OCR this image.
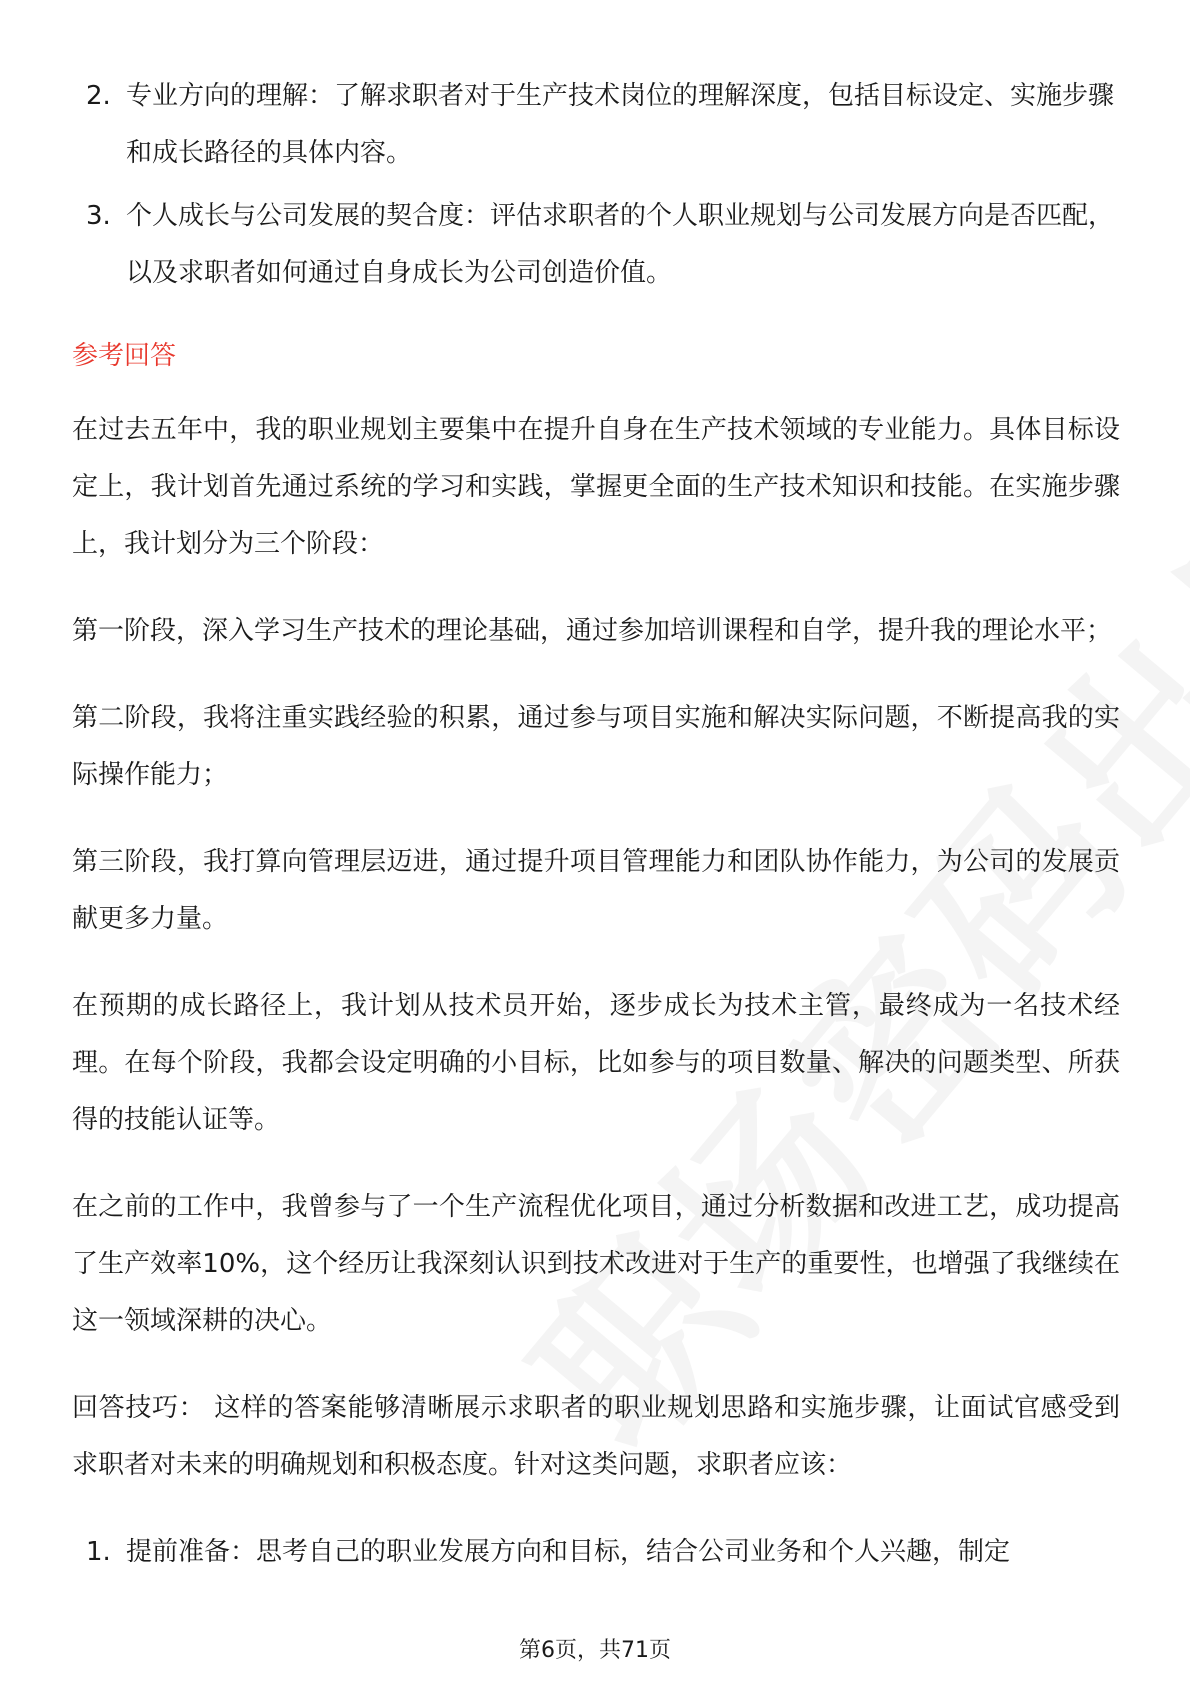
2. 专业方向的理解：了解求职者对于生产技术岗位的理解深度，包括目标设定、实施步骤和成长路径的具体内容。
3. 个人成长与公司发展的契合度：评估求职者的个人职业规划与公司发展方向是否匹配，以及求职者如何通过自身成长为公司创造价值。
参考回答

在过去五年中，我的职业规划主要集中在提升自身在生产技术领域的专业能力。具体目标设定上，我计划首先通过系统的学习和实践，掌握更全面的生产技术知识和技能。在实施步骤上，我计划分为三个阶段：

第一阶段，深入学习生产技术的理论基础，通过参加培训课程和自学，提升我的理论水平；

第二阶段，我将注重实践经验的积累，通过参与项目实施和解决实际问题，不断提高我的实际操作能力；

第三阶段，我打算向管理层迈进，通过提升项目管理能力和团队协作能力，为公司的发展贡献更多力量。

在预期的成长路径上，我计划从技术员开始，逐步成长为技术主管，最终成为一名技术经理。在每个阶段，我都会设定明确的小目标，比如参与的项目数量、解决的问题类型、所获得的技能认证等。

在之前的工作中，我曾参与了一个生产流程优化项目，通过分析数据和改进工艺，成功提高了生产效率10%，这个经历让我深刻认识到技术改进对于生产的重要性，也增强了我继续在这一领域深耕的决心。

回答技巧： 这样的答案能够清晰展示求职者的职业规划思路和实施步骤，让面试官感受到求职者对未来的明确规划和积极态度。针对这类问题，求职者应该：

1. 提前准备：思考自己的职业发展方向和目标，结合公司业务和个人兴趣，制定
第6页，共71页
